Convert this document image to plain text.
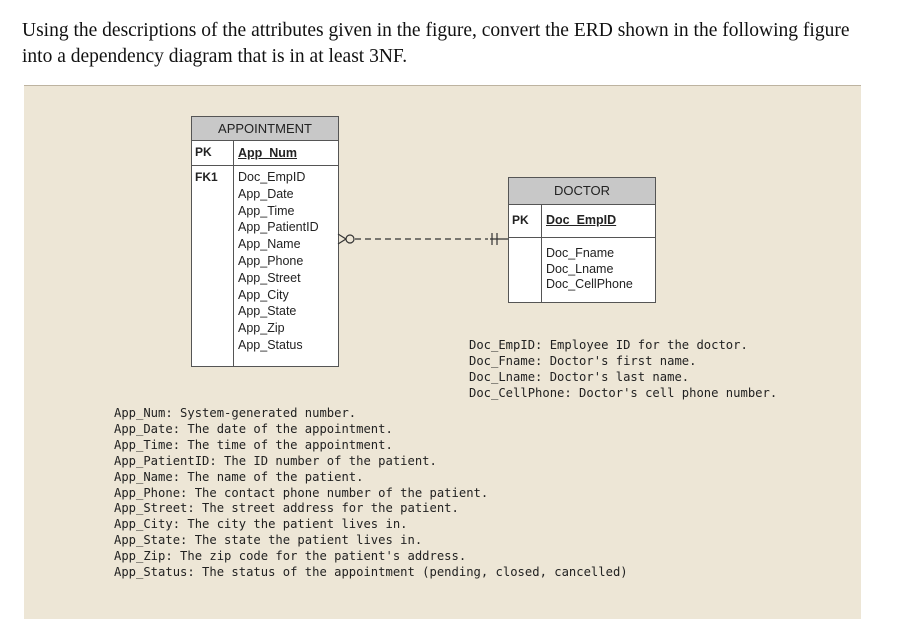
Using the descriptions of the attributes given in the figure, convert the ERD shown in the following figure into a dependency diagram that is in at least 3NF.
APPOINTMENT
PK	App_Num
FK1	Doc_EmpID
App_Date
App_Time
App_PatientID
App_Name
App_Phone
App_Street
App_City
App_State
App_Zip
App_Status
DOCTOR
PK	Doc_EmpID
Doc_Fname
Doc_Lname
Doc_CellPhone
Doc_EmpID: Employee ID for the doctor.
Doc_Fname: Doctor's first name.
Doc_Lname: Doctor's last name.
Doc_CellPhone: Doctor's cell phone number.
App_Num: System-generated number.
App_Date: The date of the appointment.
App_Time: The time of the appointment.
App_PatientID: The ID number of the patient.
App_Name: The name of the patient.
App_Phone: The contact phone number of the patient.
App_Street: The street address for the patient.
App_City: The city the patient lives in.
App_State: The state the patient lives in.
App_Zip: The zip code for the patient's address.
App_Status: The status of the appointment (pending, closed, cancelled)
